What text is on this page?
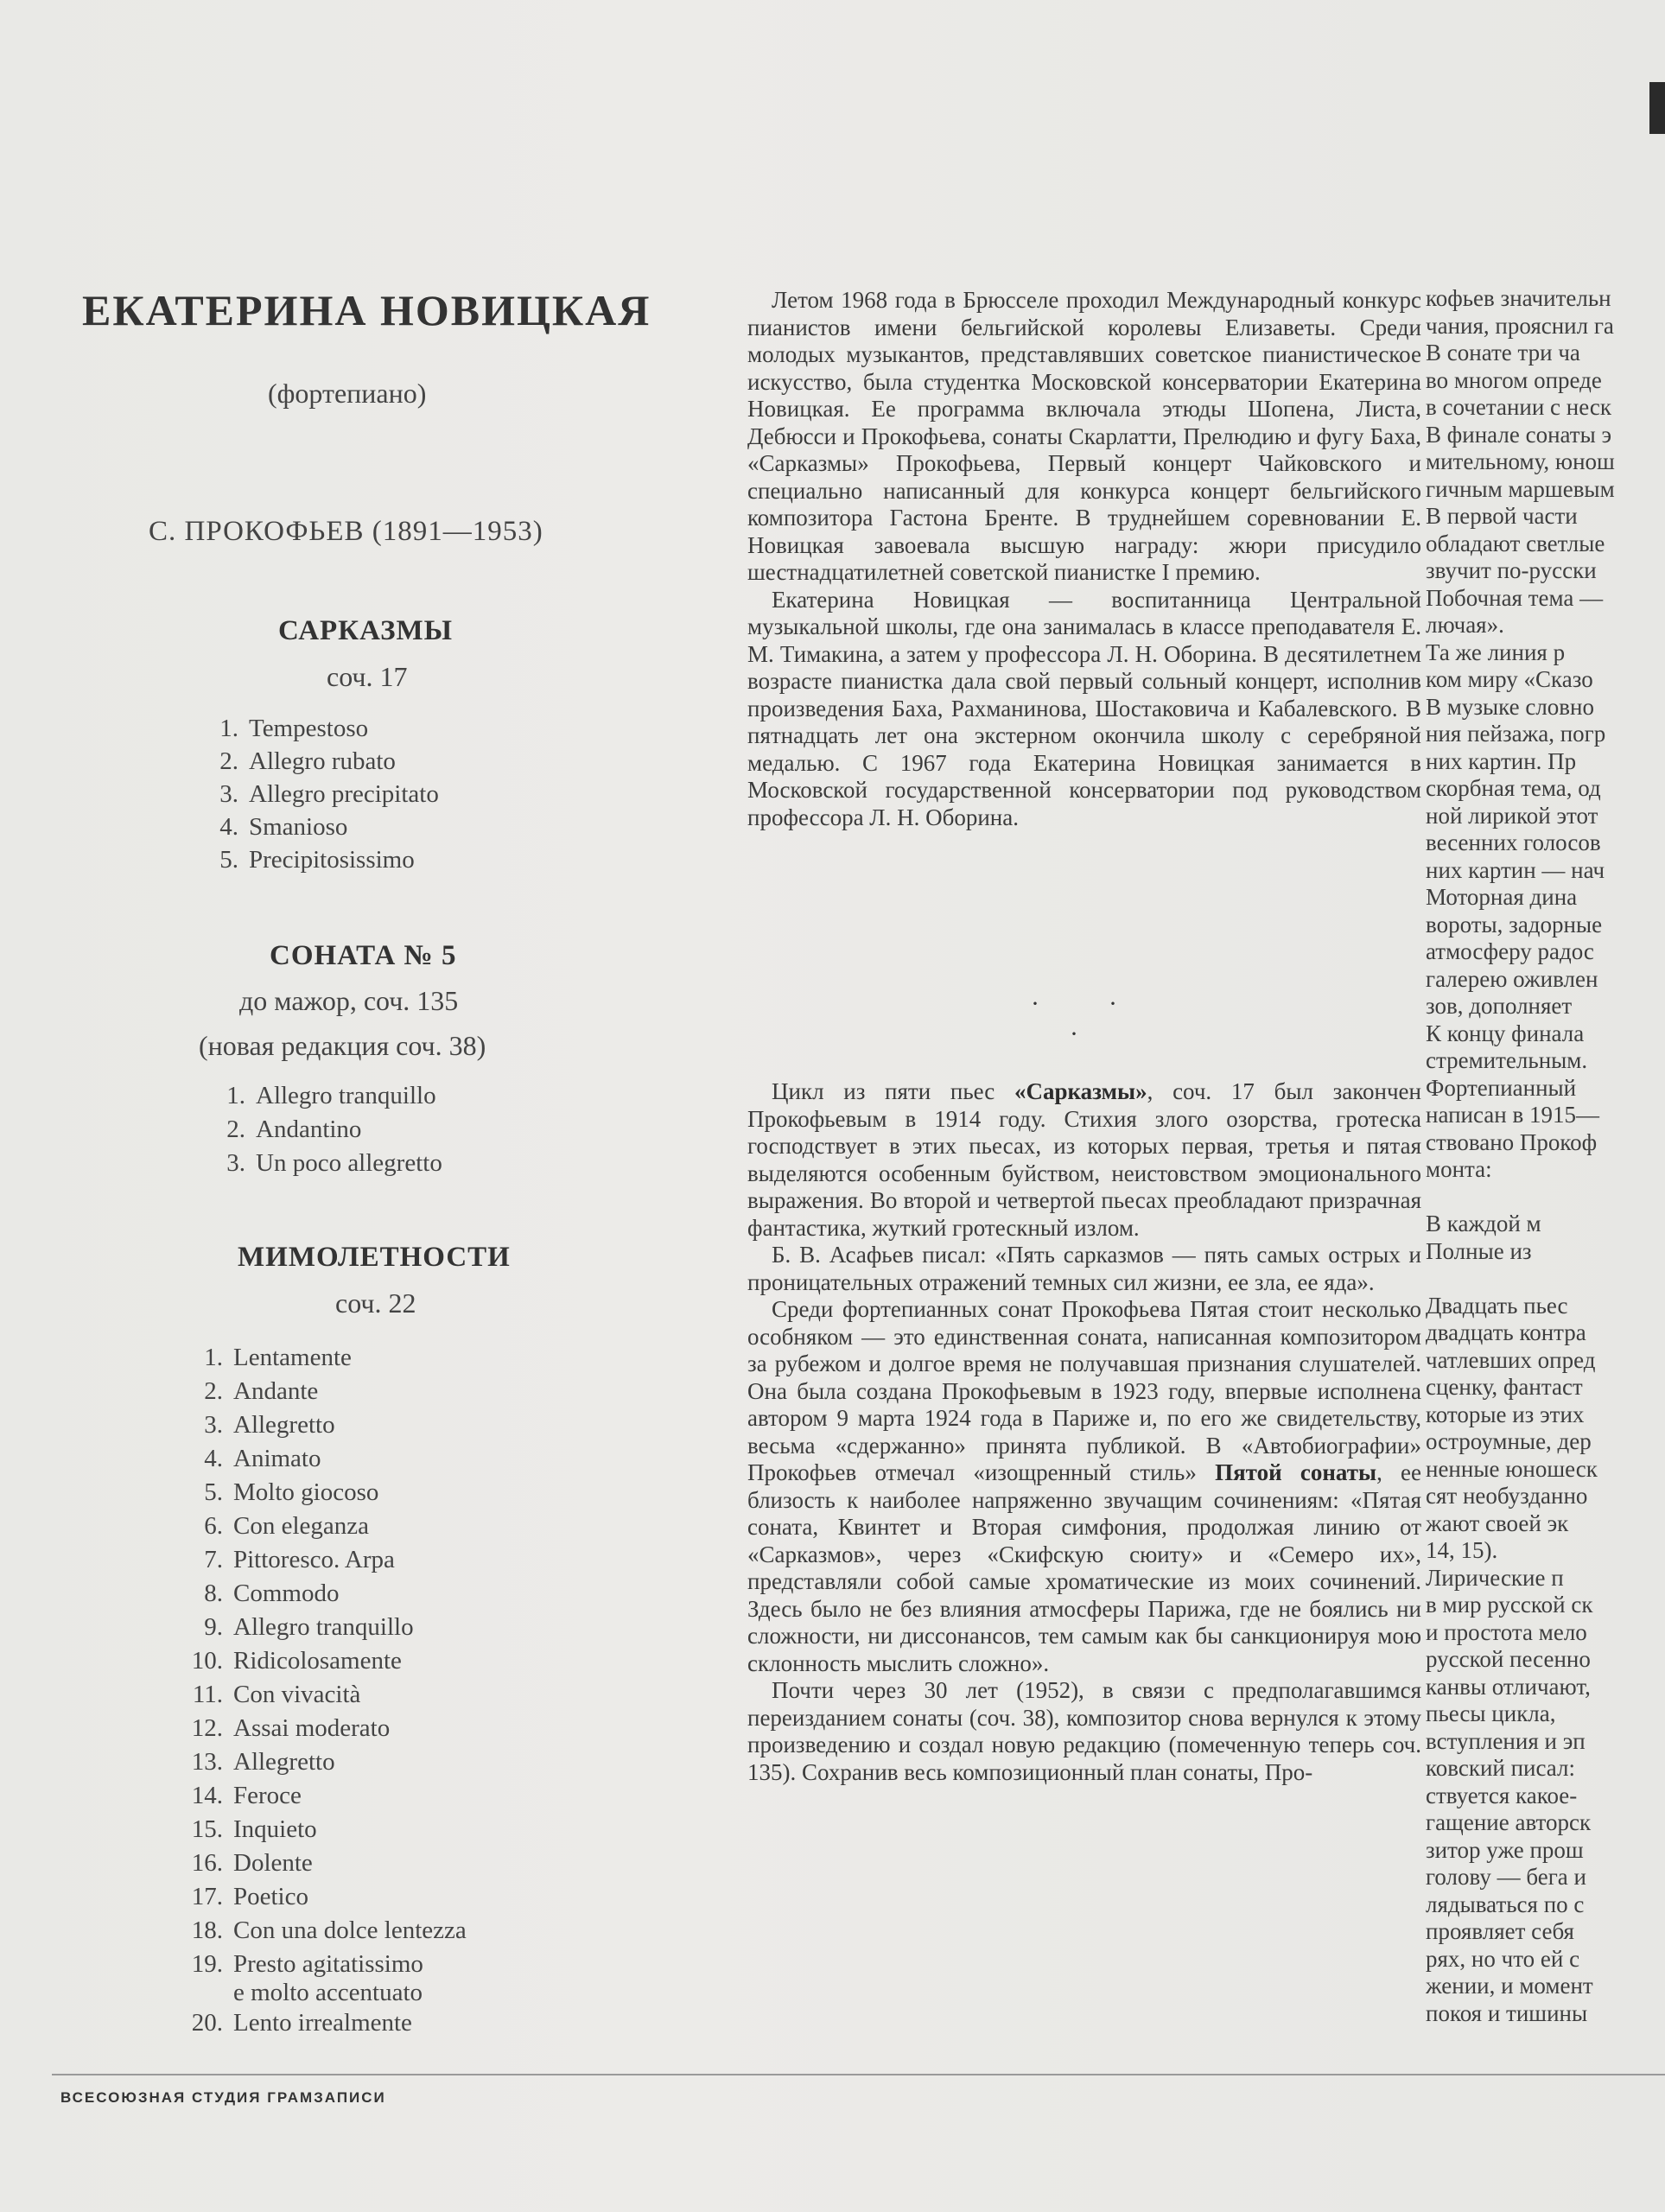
ЕКАТЕРИНА НОВИЦКАЯ
(фортепиано)
С. ПРОКОФЬЕВ (1891—1953)
САРКАЗМЫ
соч. 17
1. Tempestoso
2. Allegro rubato
3. Allegro precipitato
4. Smanioso
5. Precipitosissimo
СОНАТА № 5
до мажор, соч. 135
(новая редакция соч. 38)
1. Allegro tranquillo
2. Andantino
3. Un poco allegretto
МИМОЛЕТНОСТИ
соч. 22
1. Lentamente
2. Andante
3. Allegretto
4. Animato
5. Molto giocoso
6. Con eleganza
7. Pittoresco. Arpa
8. Commodo
9. Allegro tranquillo
10. Ridicolosamente
11. Con vivacità
12. Assai moderato
13. Allegretto
14. Feroce
15. Inquieto
16. Dolente
17. Poetico
18. Con una dolce lentezza
19. Presto agitatissimo
e molto accentuato
20. Lento irrealmente

Летом 1968 года в Брюсселе проходил Международный конкурс пианистов имени бельгийской королевы Елизаветы. Среди молодых музыкантов, представлявших советское пианистическое искусство, была студентка Московской консерватории Екатерина Новицкая. Ее программа включала этюды Шопена, Листа, Дебюсси и Прокофьева, сонаты Скарлатти, Прелюдию и фугу Баха, «Сарказмы» Прокофьева, Первый концерт Чайковского и специально написанный для конкурса концерт бельгийского композитора Гастона Бренте. В труднейшем соревновании Е. Новицкая завоевала высшую награду: жюри присудило шестнадцатилетней советской пианистке I премию.

Екатерина Новицкая — воспитанница Центральной музыкальной школы, где она занималась в классе преподавателя Е. М. Тимакина, а затем у профессора Л. Н. Оборина. В десятилетнем возрасте пианистка дала свой первый сольный концерт, исполнив произведения Баха, Рахманинова, Шостаковича и Кабалевского. В пятнадцать лет она экстерном окончила школу с серебряной медалью. С 1967 года Екатерина Новицкая занимается в Московской государственной консерватории под руководством профессора Л. Н. Оборина.

·	·
·

Цикл из пяти пьес «Сарказмы», соч. 17 был закончен Прокофьевым в 1914 году. Стихия злого озорства, гротеска господствует в этих пьесах, из которых первая, третья и пятая выделяются особенным буйством, неистовством эмоционального выражения. Во второй и четвертой пьесах преобладают призрачная фантастика, жуткий гротескный излом.

Б. В. Асафьев писал: «Пять сарказмов — пять самых острых и проницательных отражений темных сил жизни, ее зла, ее яда».

Среди фортепианных сонат Прокофьева Пятая стоит несколько особняком — это единственная соната, написанная композитором за рубежом и долгое время не получавшая признания слушателей. Она была создана Прокофьевым в 1923 году, впервые исполнена автором 9 марта 1924 года в Париже и, по его же свидетельству, весьма «сдержанно» принята публикой. В «Автобиографии» Прокофьев отмечал «изощренный стиль» Пятой сонаты, ее близость к наиболее напряженно звучащим сочинениям: «Пятая соната, Квинтет и Вторая симфония, продолжая линию от «Сарказмов», через «Скифскую сюиту» и «Семеро их», представляли собой самые хроматические из моих сочинений. Здесь было не без влияния атмосферы Парижа, где не боялись ни сложности, ни диссонансов, тем самым как бы санкционируя мою склонность мыслить сложно».

Почти через 30 лет (1952), в связи с предполагавшимся переизданием сонаты (соч. 38), композитор снова вернулся к этому произведению и создал новую редакцию (помеченную теперь соч. 135). Сохранив весь композиционный план сонаты, Про-

кофьев значительн
чания, прояснил га
В сонате три ча
во многом опредe
в сочетании с неск
В финале сонаты э
мительному, юнош
гичным маршевым
В первой части
обладают светлые
звучит по-русски
Побочная тема —
лючая».
Та же линия р
ком миру «Сказо
В музыке словно
ния пейзажа, погр
них картин. Пр
скорбная тема, од
ной лирикой этот
весенних голосов
них картин — нач
Моторная дина
вороты, задорные
атмосферу радос
галерею оживлен
зов, дополняет
К концу финала
стремительным.
Фортепианный
написан в 1915—
ствовано Прокоф
монта:
В каждой м
Полные из
Двадцать пьес
двадцать контра
чатлевших опред
сценку, фантаст
которые из этих
остроумные, дер
ненные юношеск
сят необузданно
жают своей эк
14, 15).
Лирические п
в мир русской ск
и простота мело
русской песенно
канвы отличают,
пьесы цикла,
вступления и эп
ковский писал:
ствуется какое-
гащение авторск
зитор уже прош
голову — бега и
лядываться по с
проявляет себя
рях, но что ей с
жении, и момент
покоя и тишины
ВСЕСОЮЗНАЯ СТУДИЯ ГРАМЗАПИСИ
